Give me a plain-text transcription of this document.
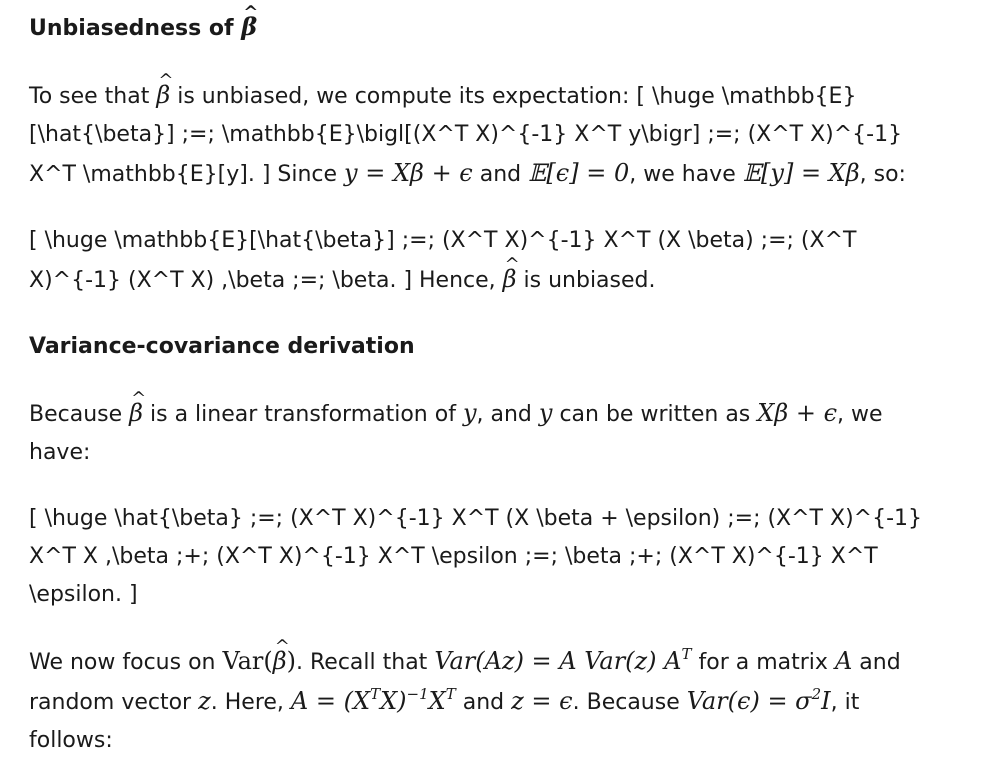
Unbiasedness of ^ β

To see that ^ β is unbiased, we compute its expectation: [ \huge \mathbb{E}[\hat{\beta}] ;=; \mathbb{E}\bigl[(X^T X)^{-1} X^T y\bigr] ;=; (X^T X)^{-1} X^T \mathbb{E}[y]. ] Since y = Xβ + ϵ and 𝔼[ϵ] = 0, we have 𝔼[y] = Xβ, so:

[ \huge \mathbb{E}[\hat{\beta}] ;=; (X^T X)^{-1} X^T (X \beta) ;=; (X^T X)^{-1} (X^T X) ,\beta ;=; \beta. ] Hence, ^ β is unbiased.

Variance-covariance derivation

Because ^ β is a linear transformation of y, and y can be written as Xβ + ϵ, we have:

[ \huge \hat{\beta} ;=; (X^T X)^{-1} X^T (X \beta + \epsilon) ;=; (X^T X)^{-1} X^T X ,\beta ;+; (X^T X)^{-1} X^T \epsilon ;=; \beta ;+; (X^T X)^{-1} X^T \epsilon. ]

We now focus on Var(^ β). Recall that Var(Az) = A Var(z) $A^T$ for a matrix A and random vector z. Here, $A = (X^TX)^{-1}X^T$ and z = ϵ. Because $Var(\epsilon) = \sigma^2I$, it follows:
